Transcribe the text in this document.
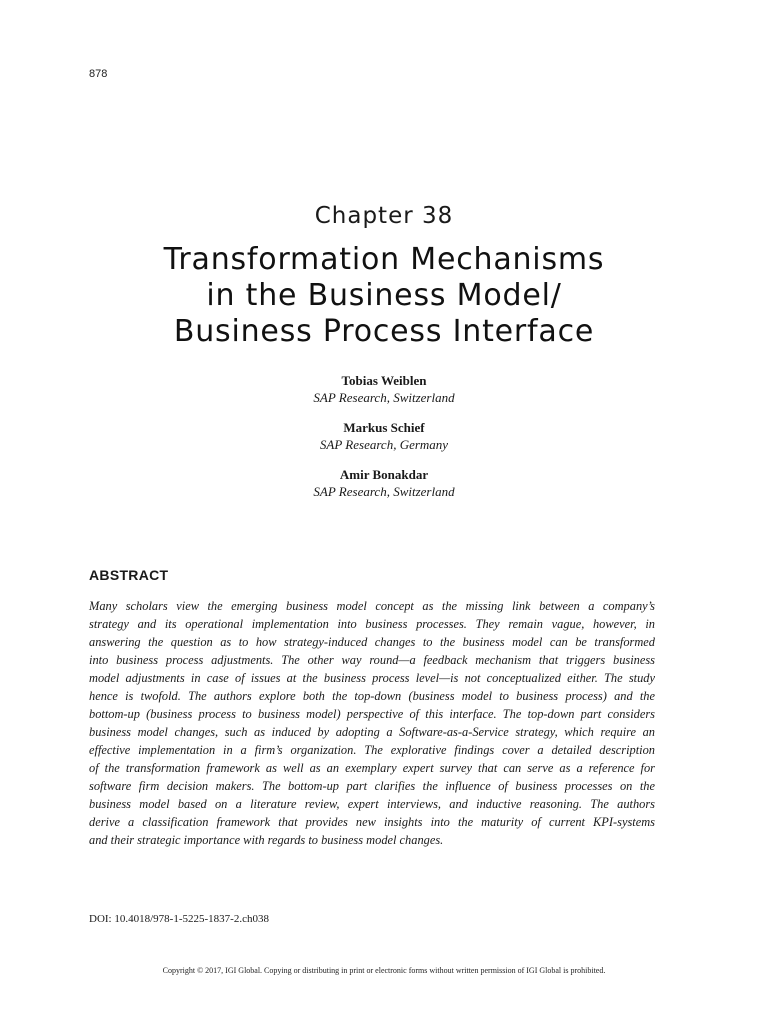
878
Chapter 38
Transformation Mechanisms
in the Business Model/
Business Process Interface
Tobias Weiblen
SAP Research, Switzerland
Markus Schief
SAP Research, Germany
Amir Bonakdar
SAP Research, Switzerland
ABSTRACT
Many scholars view the emerging business model concept as the missing link between a company’s
strategy and its operational implementation into business processes. They remain vague, however, in
answering the question as to how strategy-induced changes to the business model can be transformed
into business process adjustments. The other way round—a feedback mechanism that triggers business
model adjustments in case of issues at the business process level—is not conceptualized either. The study
hence is twofold. The authors explore both the top-down (business model to business process) and the
bottom-up (business process to business model) perspective of this interface. The top-down part considers
business model changes, such as induced by adopting a Software-as-a-Service strategy, which require an
effective implementation in a firm’s organization. The explorative findings cover a detailed description
of the transformation framework as well as an exemplary expert survey that can serve as a reference for
software firm decision makers. The bottom-up part clarifies the influence of business processes on the
business model based on a literature review, expert interviews, and inductive reasoning. The authors
derive a classification framework that provides new insights into the maturity of current KPI-systems
and their strategic importance with regards to business model changes.
DOI: 10.4018/978-1-5225-1837-2.ch038
Copyright © 2017, IGI Global. Copying or distributing in print or electronic forms without written permission of IGI Global is prohibited.
